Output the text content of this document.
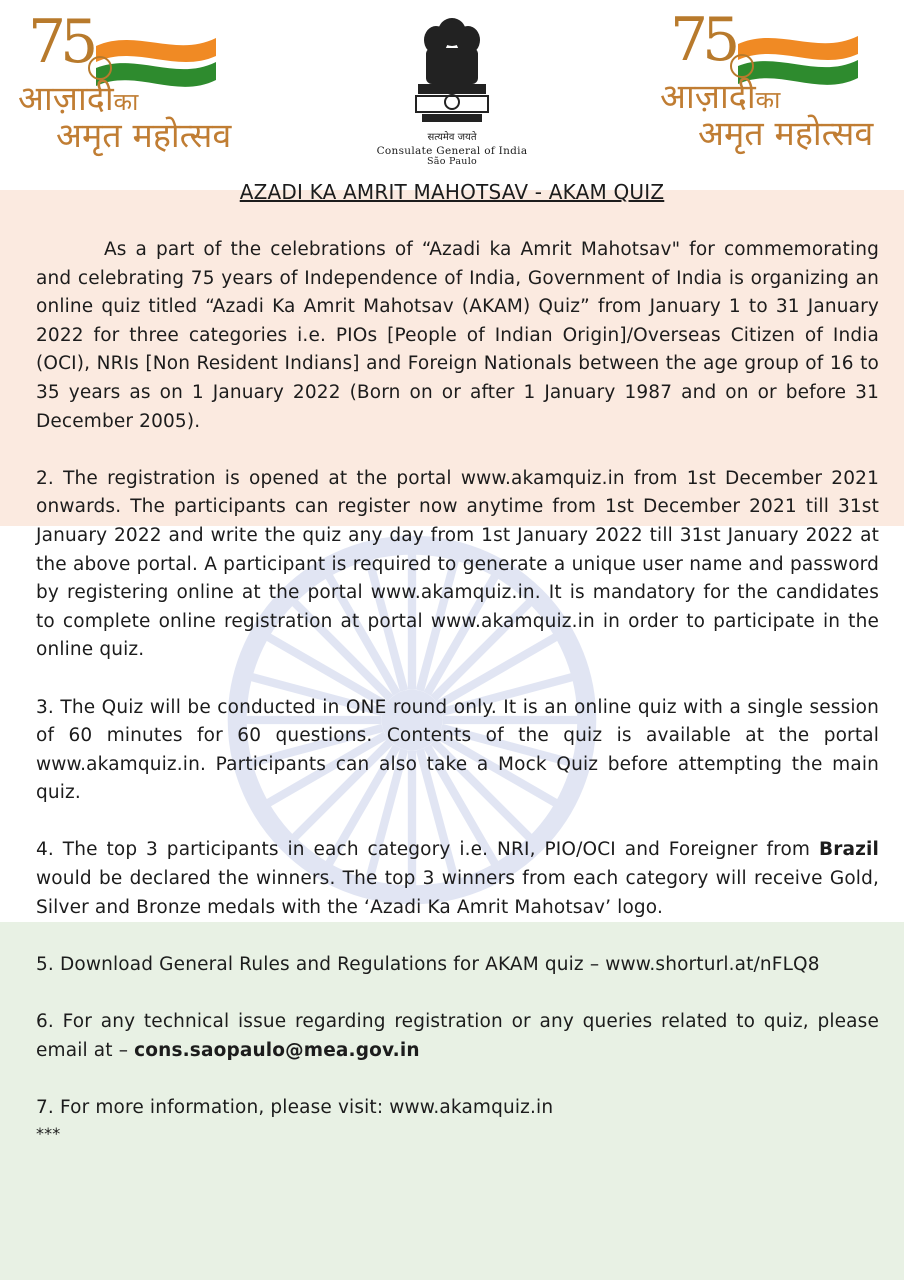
75
आज़ादीका
अमृत महोत्सव
75
आज़ादीका
अमृत महोत्सव
सत्यमेव जयते
Consulate General of India
São Paulo
AZADI KA AMRIT MAHOTSAV - AKAM QUIZ

As a part of the celebrations of “Azadi ka Amrit Mahotsav" for commemorating and celebrating 75 years of Independence of India, Government of India is organizing an online quiz titled “Azadi Ka Amrit Mahotsav (AKAM) Quiz” from January 1 to 31 January 2022 for three categories i.e. PIOs [People of Indian Origin]/Overseas Citizen of India (OCI), NRIs [Non Resident Indians] and Foreign Nationals between the age group of 16 to 35 years as on 1 January 2022 (Born on or after 1 January 1987 and on or before 31 December 2005).

2. The registration is opened at the portal www.akamquiz.in from 1st December 2021 onwards. The participants can register now anytime from 1st December 2021 till 31st January 2022 and write the quiz any day from 1st January 2022 till 31st January 2022 at the above portal. A participant is required to generate a unique user name and password by registering online at the portal www.akamquiz.in. It is mandatory for the candidates to complete online registration at portal www.akamquiz.in in order to participate in the online quiz.

3. The Quiz will be conducted in ONE round only. It is an online quiz with a single session of 60 minutes for 60 questions. Contents of the quiz is available at the portal www.akamquiz.in. Participants can also take a Mock Quiz before attempting the main quiz.

4. The top 3 participants in each category i.e. NRI, PIO/OCI and Foreigner from Brazil would be declared the winners. The top 3 winners from each category will receive Gold, Silver and Bronze medals with the ‘Azadi Ka Amrit Mahotsav’ logo.

5. Download General Rules and Regulations for AKAM quiz – www.shorturl.at/nFLQ8

6. For any technical issue regarding registration or any queries related to quiz, please email at – cons.saopaulo@mea.gov.in

7. For more information, please visit: www.akamquiz.in

***
